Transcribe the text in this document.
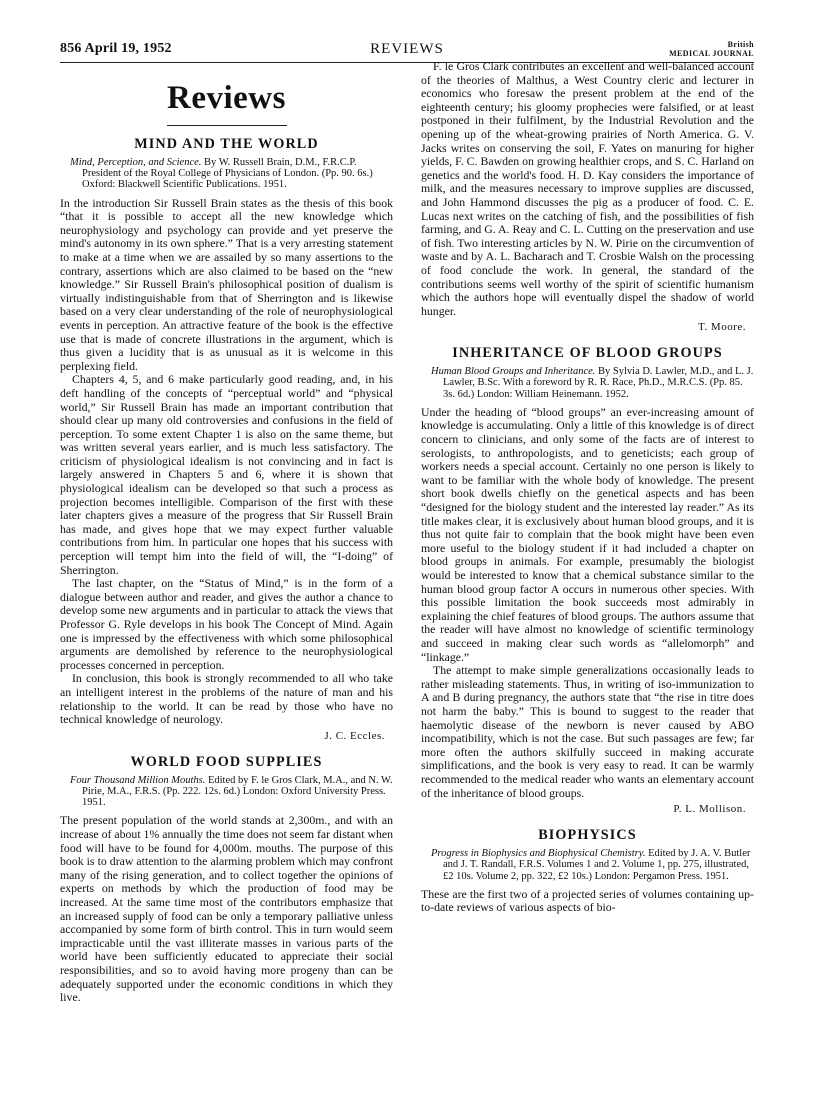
856 April 19, 1952	REVIEWS	British
MEDICAL JOURNAL
Reviews
MIND AND THE WORLD
Mind, Perception, and Science. By W. Russell Brain, D.M., F.R.C.P. President of the Royal College of Physicians of London. (Pp. 90. 6s.) Oxford: Blackwell Scientific Publications. 1951.

In the introduction Sir Russell Brain states as the thesis of this book “that it is possible to accept all the new knowledge which neurophysiology and psychology can provide and yet preserve the mind's autonomy in its own sphere.” That is a very arresting statement to make at a time when we are assailed by so many assertions to the contrary, assertions which are also claimed to be based on the “new knowledge.” Sir Russell Brain's philosophical position of dualism is virtually indistinguishable from that of Sherrington and is likewise based on a very clear understanding of the role of neurophysiological events in perception. An attractive feature of the book is the effective use that is made of concrete illustrations in the argument, which is thus given a lucidity that is as unusual as it is welcome in this perplexing field.

Chapters 4, 5, and 6 make particularly good reading, and, in his deft handling of the concepts of “perceptual world” and “physical world,” Sir Russell Brain has made an important contribution that should clear up many old controversies and confusions in the field of perception. To some extent Chapter 1 is also on the same theme, but was written several years earlier, and is much less satisfactory. The criticism of physiological idealism is not convincing and in fact is largely answered in Chapters 5 and 6, where it is shown that physiological idealism can be developed so that such a process as projection becomes intelligible. Comparison of the first with these later chapters gives a measure of the progress that Sir Russell Brain has made, and gives hope that we may expect further valuable contributions from him. In particular one hopes that his success with perception will tempt him into the field of will, the “I-doing” of Sherrington.

The last chapter, on the “Status of Mind,” is in the form of a dialogue between author and reader, and gives the author a chance to develop some new arguments and in particular to attack the views that Professor G. Ryle develops in his book The Concept of Mind. Again one is impressed by the effectiveness with which some philosophical arguments are demolished by reference to the neurophysiological processes concerned in perception.

In conclusion, this book is strongly recommended to all who take an intelligent interest in the problems of the nature of man and his relationship to the world. It can be read by those who have no technical knowledge of neurology.

J. C. Eccles.
WORLD FOOD SUPPLIES
Four Thousand Million Mouths. Edited by F. le Gros Clark, M.A., and N. W. Pirie, M.A., F.R.S. (Pp. 222. 12s. 6d.) London: Oxford University Press. 1951.

The present population of the world stands at 2,300m., and with an increase of about 1% annually the time does not seem far distant when food will have to be found for 4,000m. mouths. The purpose of this book is to draw attention to the alarming problem which may confront many of the rising generation, and to collect together the opinions of experts on methods by which the production of food may be increased. At the same time most of the contributors emphasize that an increased supply of food can be only a temporary palliative unless accompanied by some form of birth control. This in turn would seem impracticable until the vast illiterate masses in various parts of the world have been sufficiently educated to appreciate their social responsibilities, and so to avoid having more progeny than can be adequately supported under the economic conditions in which they live.

F. le Gros Clark contributes an excellent and well-balanced account of the theories of Malthus, a West Country cleric and lecturer in economics who foresaw the present problem at the end of the eighteenth century; his gloomy prophecies were falsified, or at least postponed in their fulfilment, by the Industrial Revolution and the opening up of the wheat-growing prairies of North America. G. V. Jacks writes on conserving the soil, F. Yates on manuring for higher yields, F. C. Bawden on growing healthier crops, and S. C. Harland on genetics and the world's food. H. D. Kay considers the importance of milk, and the measures necessary to improve supplies are discussed, and John Hammond discusses the pig as a producer of food. C. E. Lucas next writes on the catching of fish, and the possibilities of fish farming, and G. A. Reay and C. L. Cutting on the preservation and use of fish. Two interesting articles by N. W. Pirie on the circumvention of waste and by A. L. Bacharach and T. Crosbie Walsh on the processing of food conclude the work. In general, the standard of the contributions seems well worthy of the spirit of scientific humanism which the authors hope will eventually dispel the shadow of world hunger.

T. Moore.
INHERITANCE OF BLOOD GROUPS
Human Blood Groups and Inheritance. By Sylvia D. Lawler, M.D., and L. J. Lawler, B.Sc. With a foreword by R. R. Race, Ph.D., M.R.C.S. (Pp. 85. 3s. 6d.) London: William Heinemann. 1952.

Under the heading of “blood groups” an ever-increasing amount of knowledge is accumulating. Only a little of this knowledge is of direct concern to clinicians, and only some of the facts are of interest to serologists, to anthropologists, and to geneticists; each group of workers needs a special account. Certainly no one person is likely to want to be familiar with the whole body of knowledge. The present short book dwells chiefly on the genetical aspects and has been “designed for the biology student and the interested lay reader.” As its title makes clear, it is exclusively about human blood groups, and it is thus not quite fair to complain that the book might have been even more useful to the biology student if it had included a chapter on blood groups in animals. For example, presumably the biologist would be interested to know that a chemical substance similar to the human blood group factor A occurs in numerous other species. With this possible limitation the book succeeds most admirably in explaining the chief features of blood groups. The authors assume that the reader will have almost no knowledge of scientific terminology and succeed in making clear such words as “allelomorph” and “linkage.”

The attempt to make simple generalizations occasionally leads to rather misleading statements. Thus, in writing of iso-immunization to A and B during pregnancy, the authors state that “the rise in titre does not harm the baby.” This is bound to suggest to the reader that haemolytic disease of the newborn is never caused by ABO incompatibility, which is not the case. But such passages are few; far more often the authors skilfully succeed in making accurate simplifications, and the book is very easy to read. It can be warmly recommended to the medical reader who wants an elementary account of the inheritance of blood groups.

P. L. Mollison.
BIOPHYSICS
Progress in Biophysics and Biophysical Chemistry. Edited by J. A. V. Butler and J. T. Randall, F.R.S. Volumes 1 and 2. Volume 1, pp. 275, illustrated, £2 10s. Volume 2, pp. 322, £2 10s.) London: Pergamon Press. 1951.

These are the first two of a projected series of volumes containing up-to-date reviews of various aspects of bio-
